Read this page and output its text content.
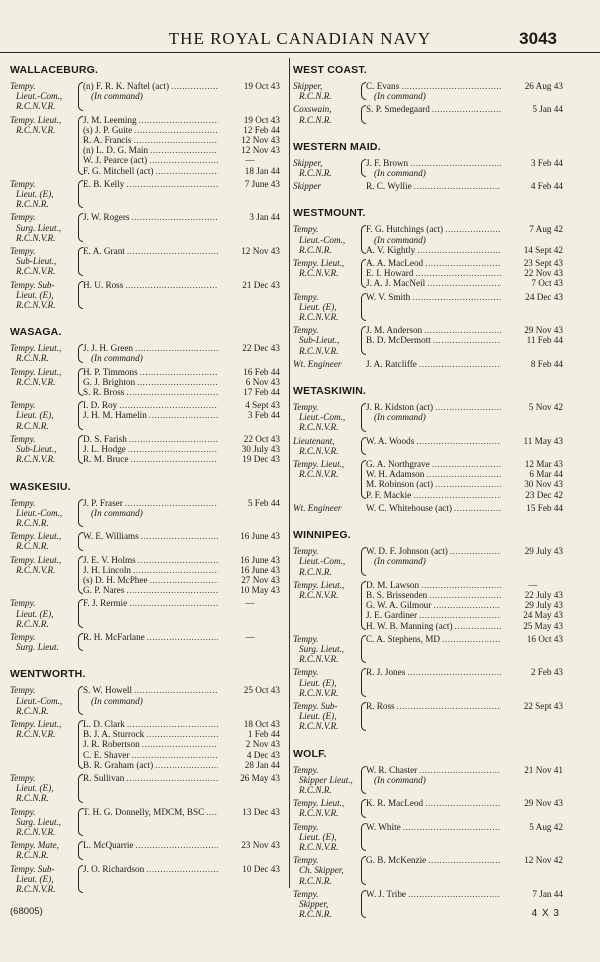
THE ROYAL CANADIAN NAVY	3043
WALLACEBURG.
Tempy.
Lieut.-Com.,
R.C.N.V.R.
(n) F. R. K. Naftel (act) .....	19 Oct 43
(In command)
Tempy. Lieut.,
R.C.N.V.R.
J. M. Leeming .....	19 Oct 43
(s) J. P. Guite .....	12 Feb 44
R. A. Francis .....	12 Nov 43
(n) L. D. G. Main .....	12 Nov 43
W. J. Pearce (act) .....	—
F. G. Mitchell (act) .....	18 Jan 44
Tempy.
Lieut. (E),
R.C.N.R.
E. B. Kelly .....	7 June 43
Tempy.
Surg. Lieut.,
R.C.N.V.R.
J. W. Rogers .....	3 Jan 44
Tempy.
Sub-Lieut.,
R.C.N.V.R.
E. A. Grant .....	12 Nov 43
Tempy. Sub-
Lieut. (E),
R.C.N.V.R.
H. U. Ross .....	21 Dec 43
WASAGA.
Tempy. Lieut.,
R.C.N.R.
J. J. H. Green .....	22 Dec 43
(In command)
Tempy. Lieut.,
R.C.N.V.R.
H. P. Timmons .....	16 Feb 44
G. J. Brighton .....	6 Nov 43
S. R. Bross .....	17 Feb 44
Tempy.
Lieut. (E),
R.C.N.R.
I. D. Roy .....	4 Sept 43
J. H. M. Hamelin .....	3 Feb 44
Tempy.
Sub-Lieut.,
R.C.N.V.R.
D. S. Farish .....	22 Oct 43
J. L. Hodge .....	30 July 43
R. M. Bruce .....	19 Dec 43
WASKESIU.
Tempy.
Lieut.-Com.,
R.C.N.R.
J. P. Fraser .....	5 Feb 44
(In command)
Tempy. Lieut.,
R.C.N.R.
W. E. Williams .....	16 June 43
Tempy. Lieut.,
R.C.N.V.R.
J. E. V. Holms .....	16 June 43
J. H. Lincoln .....	16 June 43
(s) D. H. McPhee .....	27 Nov 43
G. P. Nares .....	10 May 43
Tempy.
Lieut. (E),
R.C.N.R.
F. J. Rermie .....	—
Tempy.
Surg. Lieut.
R. H. McFarlane .....	—
WENTWORTH.
Tempy.
Lieut.-Com.,
R.C.N.R.
S. W. Howell .....	25 Oct 43
(In command)
Tempy. Lieut.,
R.C.N.V.R.
L. D. Clark .....	18 Oct 43
B. J. A. Sturrock .....	1 Feb 44
J. R. Robertson .....	2 Nov 43
C. E. Shaver .....	4 Dec 43
B. R. Graham (act) .....	28 Jan 44
Tempy.
Lieut. (E),
R.C.N.R.
R. Sullivan .....	26 May 43
Tempy.
Surg. Lieut.,
R.C.N.V.R.
T. H. G. Donnelly, MDCM, BSC .....	13 Dec 43
Tempy. Mate,
R.C.N.R.
L. McQuarrie .....	23 Nov 43
Tempy. Sub-
Lieut. (E),
R.C.N.V.R.
J. O. Richardson .....	10 Dec 43
WEST COAST.
Skipper,
R.C.N.R.
C. Evans .....	26 Aug 43
(In command)
Coxswain,
R.C.N.R.
S. P. Smedegaard .....	5 Jan 44
WESTERN MAID.
Skipper,
R.C.N.R.
J. F. Brown .....	3 Feb 44
(In command)
Skipper	R. C. Wyllie .....	4 Feb 44
WESTMOUNT.
Tempy.
Lieut.-Com.,
R.C.N.R.
F. G. Hutchings (act) .....	7 Aug 42
(In command)
A. V. Kightly .....	14 Sept 42
Tempy. Lieut.,
R.C.N.V.R.
A. A. MacLeod .....	23 Sept 43
E. I. Howard .....	22 Nov 43
J. A. J. MacNeil .....	7 Oct 43
Tempy.
Lieut. (E),
R.C.N.V.R.
W. V. Smith .....	24 Dec 43
Tempy.
Sub-Lieut.,
R.C.N.V.R.
J. M. Anderson .....	29 Nov 43
B. D. McDermott .....	11 Feb 44
Wt. Engineer	J. A. Ratcliffe .....	8 Feb 44
WETASKIWIN.
Tempy.
Lieut.-Com.,
R.C.N.V.R.
J. R. Kidston (act) .....	5 Nov 42
(In command)
Lieutenant,
R.C.N.V.R.
W. A. Woods .....	11 May 43
Tempy. Lieut.,
R.C.N.V.R.
G. A. Northgrave .....	12 Mar 43
W. H. Adamson .....	6 Mar 44
M. Robinson (act) .....	30 Nov 43
P. F. Mackie .....	23 Dec 42
Wt. Engineer	W. C. Whitehouse (act) .....	15 Feb 44
WINNIPEG.
Tempy.
Lieut.-Com.,
R.C.N.R.
W. D. F. Johnson (act) .....	29 July 43
(In command)
Tempy. Lieut.,
R.C.N.V.R.
D. M. Lawson .....	—
B. S. Brissenden .....	22 July 43
G. W. A. Gilmour .....	29 July 43
J. E. Gardiner .....	24 May 43
H. W. B. Manning (act) .....	25 May 43
Tempy.
Surg. Lieut.,
R.C.N.V.R.
C. A. Stephens, MD .....	16 Oct 43
Tempy.
Lieut. (E),
R.C.N.V.R.
R. J. Jones .....	2 Feb 43
Tempy. Sub-
Lieut. (E),
R.C.N.V.R.
R. Ross .....	22 Sept 43
WOLF.
Tempy.
Skipper Lieut.,
R.C.N.R.
W. R. Chaster .....	21 Nov 41
(In command)
Tempy. Lieut.,
R.C.N.V.R.
K. R. MacLeod .....	29 Nov 43
Tempy.
Lieut. (E),
R.C.N.V.R.
W. White .....	5 Aug 42
Tempy.
Ch. Skipper,
R.C.N.R.
G. B. McKenzie .....	12 Nov 42
Tempy.
Skipper,
R.C.N.R.
W. J. Tribe .....	7 Jan 44
(68005)	4 X 3
